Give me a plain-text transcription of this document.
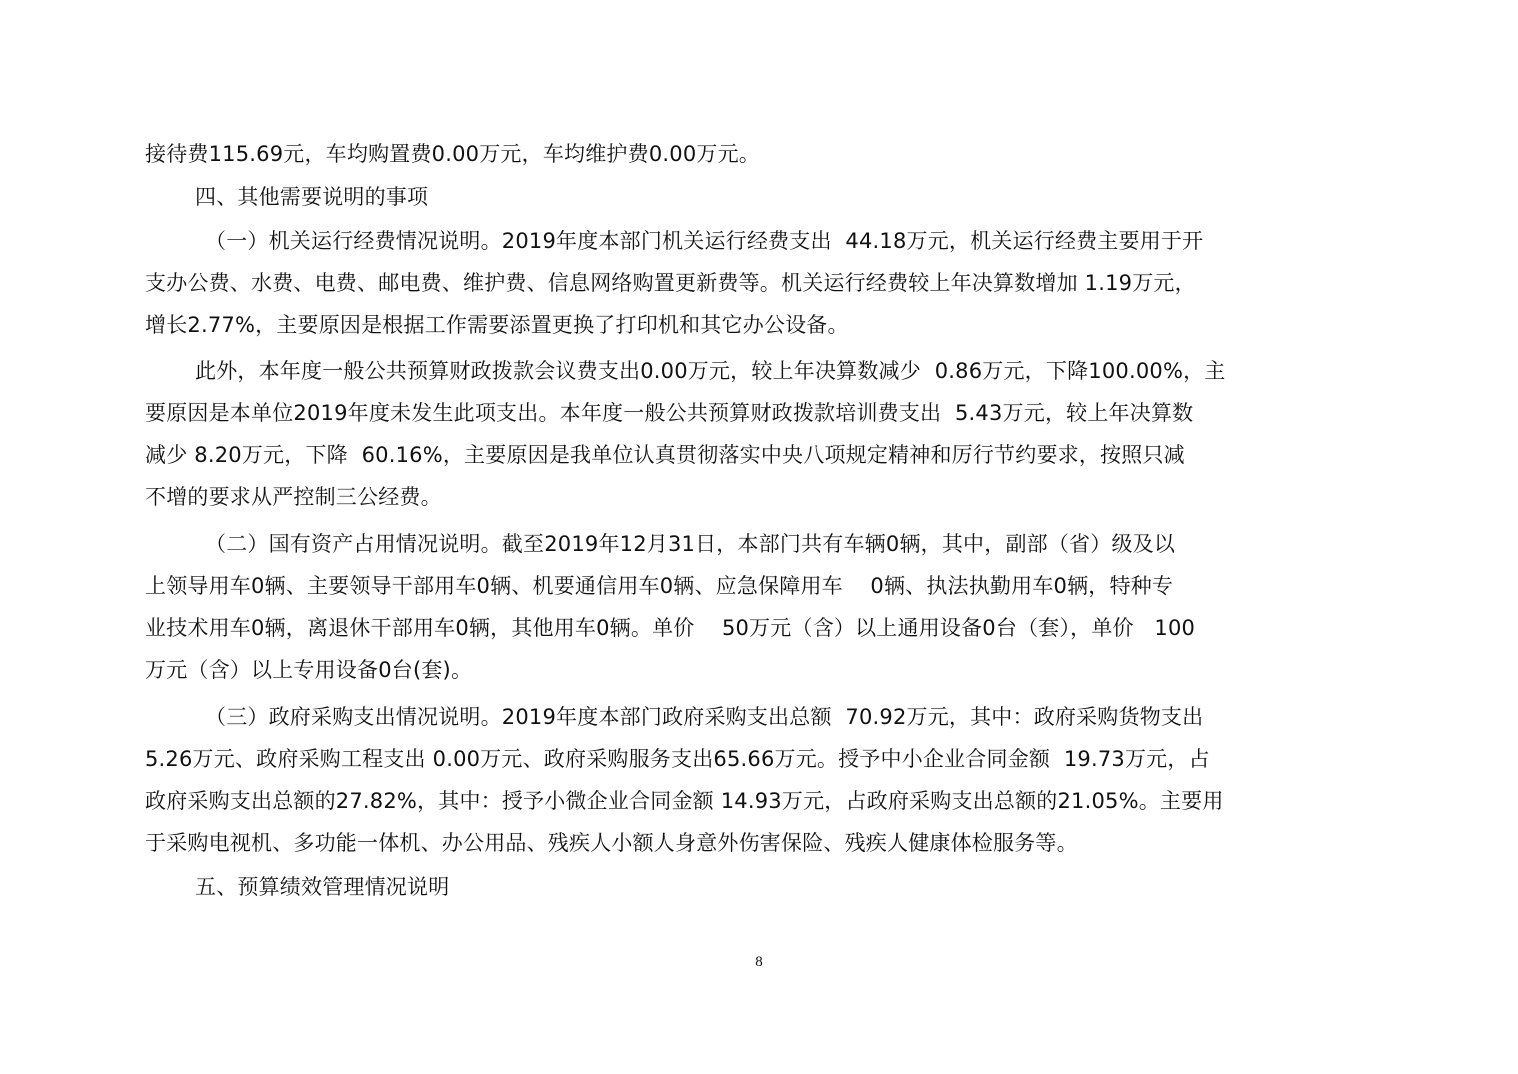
接待费115.69元，车均购置费0.00万元，车均维护费0.00万元。
四、其他需要说明的事项
（一）机关运行经费情况说明。2019年度本部门机关运行经费支出  44.18万元，机关运行经费主要用于开
支办公费、水费、电费、邮电费、维护费、信息网络购置更新费等。机关运行经费较上年决算数增加 1.19万元，
增长2.77%，主要原因是根据工作需要添置更换了打印机和其它办公设备。
此外，本年度一般公共预算财政拨款会议费支出0.00万元，较上年决算数减少  0.86万元，下降100.00%，主
要原因是本单位2019年度未发生此项支出。本年度一般公共预算财政拨款培训费支出  5.43万元，较上年决算数
减少 8.20万元，下降  60.16%，主要原因是我单位认真贯彻落实中央八项规定精神和厉行节约要求，按照只减
不增的要求从严控制三公经费。
（二）国有资产占用情况说明。截至2019年12月31日，本部门共有车辆0辆，其中，副部（省）级及以
上领导用车0辆、主要领导干部用车0辆、机要通信用车0辆、应急保障用车    0辆、执法执勤用车0辆，特种专
业技术用车0辆，离退休干部用车0辆，其他用车0辆。单价    50万元（含）以上通用设备0台（套），单价   100
万元（含）以上专用设备0台(套)。
（三）政府采购支出情况说明。2019年度本部门政府采购支出总额  70.92万元，其中：政府采购货物支出
5.26万元、政府采购工程支出 0.00万元、政府采购服务支出65.66万元。授予中小企业合同金额  19.73万元，占
政府采购支出总额的27.82%，其中：授予小微企业合同金额 14.93万元，占政府采购支出总额的21.05%。主要用
于采购电视机、多功能一体机、办公用品、残疾人小额人身意外伤害保险、残疾人健康体检服务等。
五、预算绩效管理情况说明
8
